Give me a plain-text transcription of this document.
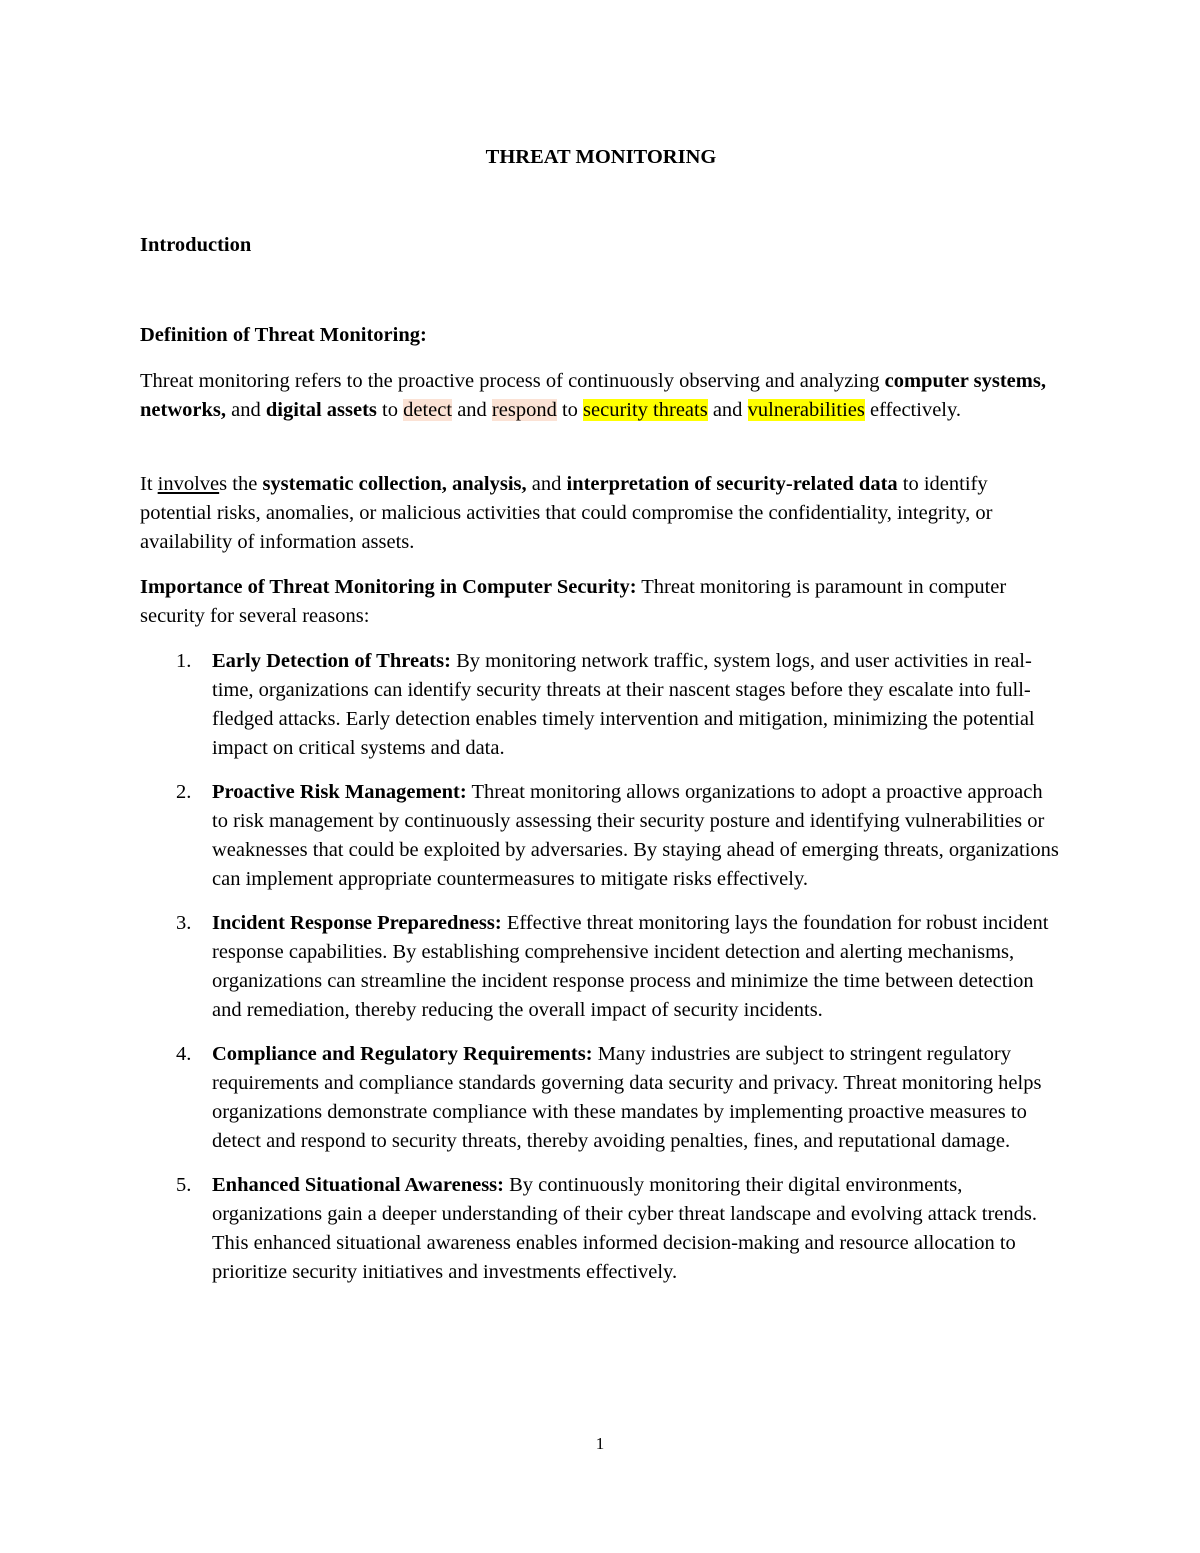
THREAT MONITORING
Introduction
Definition of Threat Monitoring:

Threat monitoring refers to the proactive process of continuously observing and analyzing computer systems, networks, and digital assets to detect and respond to security threats and vulnerabilities effectively.

It involves the systematic collection, analysis, and interpretation of security-related data to identify potential risks, anomalies, or malicious activities that could compromise the confidentiality, integrity, or availability of information assets.

Importance of Threat Monitoring in Computer Security: Threat monitoring is paramount in computer security for several reasons:

1. Early Detection of Threats: By monitoring network traffic, system logs, and user activities in real-time, organizations can identify security threats at their nascent stages before they escalate into full-fledged attacks. Early detection enables timely intervention and mitigation, minimizing the potential impact on critical systems and data.
2. Proactive Risk Management: Threat monitoring allows organizations to adopt a proactive approach to risk management by continuously assessing their security posture and identifying vulnerabilities or weaknesses that could be exploited by adversaries. By staying ahead of emerging threats, organizations can implement appropriate countermeasures to mitigate risks effectively.
3. Incident Response Preparedness: Effective threat monitoring lays the foundation for robust incident response capabilities. By establishing comprehensive incident detection and alerting mechanisms, organizations can streamline the incident response process and minimize the time between detection and remediation, thereby reducing the overall impact of security incidents.
4. Compliance and Regulatory Requirements: Many industries are subject to stringent regulatory requirements and compliance standards governing data security and privacy. Threat monitoring helps organizations demonstrate compliance with these mandates by implementing proactive measures to detect and respond to security threats, thereby avoiding penalties, fines, and reputational damage.
5. Enhanced Situational Awareness: By continuously monitoring their digital environments, organizations gain a deeper understanding of their cyber threat landscape and evolving attack trends. This enhanced situational awareness enables informed decision-making and resource allocation to prioritize security initiatives and investments effectively.
1
